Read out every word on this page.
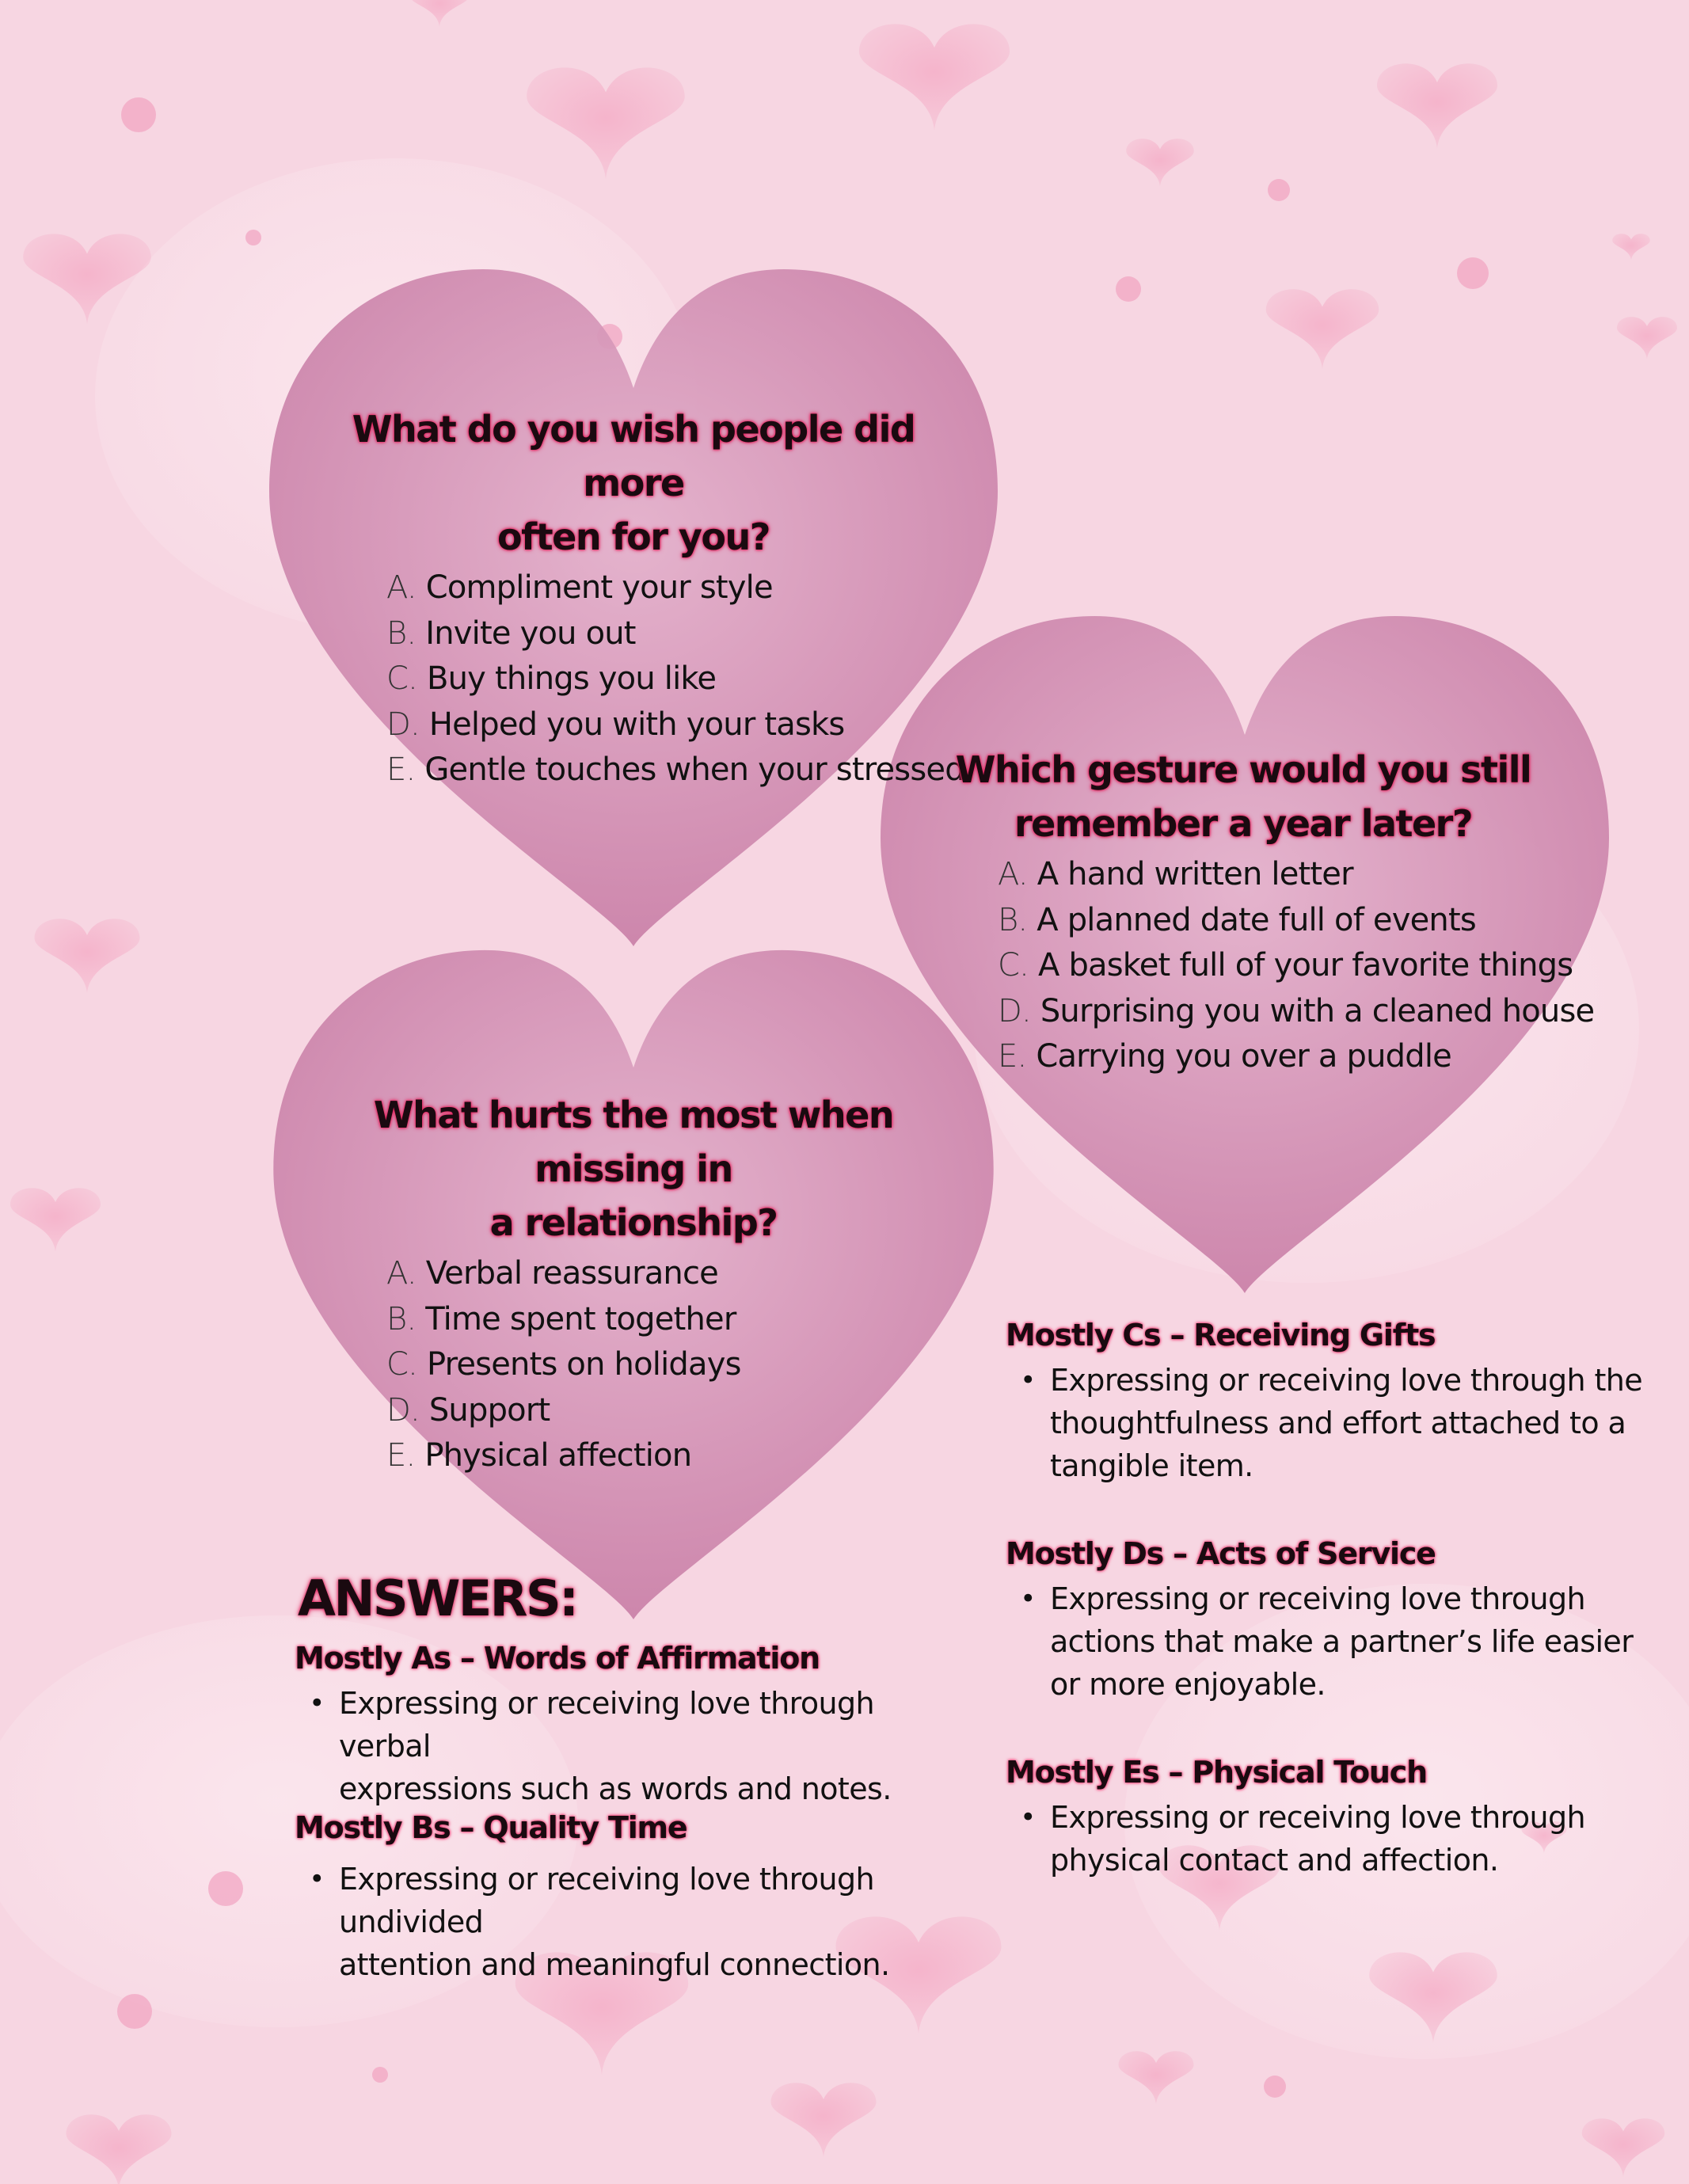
What do you wish people did more
often for you?
A. Compliment your style
B. Invite you out
C. Buy things you like
D. Helped you with your tasks
E. Gentle touches when your stressed
Which gesture would you still
remember a year later?
A. A hand written letter
B. A planned date full of events
C. A basket full of your favorite things
D. Surprising you with a cleaned house
E. Carrying you over a puddle
What hurts the most when missing in
a relationship?
A. Verbal reassurance
B. Time spent together
C. Presents on holidays
D. Support
E. Physical affection
ANSWERS:
Mostly As – Words of Affirmation
• Expressing or receiving love through verbal
expressions such as words and notes.
Mostly Bs – Quality Time
• Expressing or receiving love through undivided
attention and meaningful connection.
Mostly Cs – Receiving Gifts
• Expressing or receiving love through the
thoughtfulness and effort attached to a
tangible item.
Mostly Ds – Acts of Service
• Expressing or receiving love through
actions that make a partner’s life easier
or more enjoyable.
Mostly Es – Physical Touch
• Expressing or receiving love through
physical contact and affection.
